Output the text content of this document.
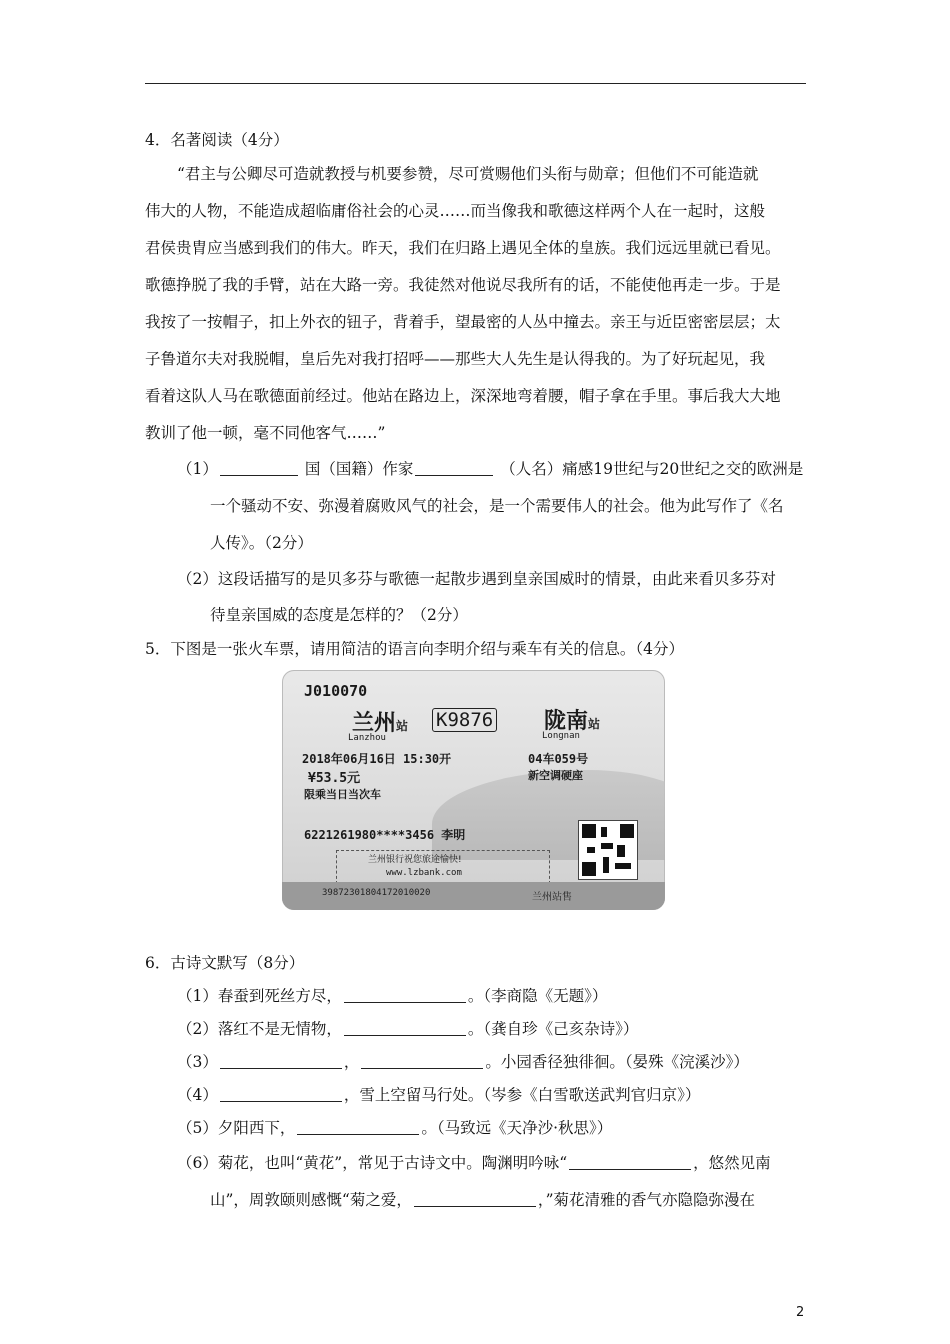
4．名著阅读（4分）
“君主与公卿尽可造就教授与机要参赞，尽可赏赐他们头衔与勋章；但他们不可能造就
伟大的人物，不能造成超临庸俗社会的心灵……而当像我和歌德这样两个人在一起时，这般
君侯贵胄应当感到我们的伟大。昨天，我们在归路上遇见全体的皇族。我们远远里就已看见。
歌德挣脱了我的手臂，站在大路一旁。我徒然对他说尽我所有的话，不能使他再走一步。于是
我按了一按帽子，扣上外衣的钮子，背着手，望最密的人丛中撞去。亲王与近臣密密层层；太
子鲁道尔夫对我脱帽，皇后先对我打招呼——那些大人先生是认得我的。为了好玩起见，我
看着这队人马在歌德面前经过。他站在路边上，深深地弯着腰，帽子拿在手里。事后我大大地
教训了他一顿，毫不同他客气……”
（1）	国（国籍）作家	（人名）痛感19世纪与20世纪之交的欧洲是
一个骚动不安、弥漫着腐败风气的社会，是一个需要伟人的社会。他为此写作了《名
人传》。（2分）
（2）这段话描写的是贝多芬与歌德一起散步遇到皇亲国威时的情景，由此来看贝多芬对
待皇亲国威的态度是怎样的？（2分）
5．下图是一张火车票，请用简洁的语言向李明介绍与乘车有关的信息。（4分）
J010070
兰州站 K9876 陇南站
Lanzhou	Longnan
2018年06月16日 15:30开	04车059号
¥53.5元	新空调硬座
限乘当日当次车
6221261980****3456 李明
兰州银行祝您旅途愉快!
www.lzbank.com
39872301804172010020	兰州站售
6．古诗文默写（8分）
（1）春蚕到死丝方尽，	。（李商隐《无题》）
（2）落红不是无情物，	。（龚自珍《己亥杂诗》）
（3）	，	。小园香径独徘徊。（晏殊《浣溪沙》）
（4）	，雪上空留马行处。（岑参《白雪歌送武判官归京》）
（5）夕阳西下，	。（马致远《天净沙·秋思》）
（6）菊花，也叫“黄花”，常见于古诗文中。陶渊明吟咏“	，悠然见南
山”，周敦颐则感慨“菊之爱，	，”菊花清雅的香气亦隐隐弥漫在
2
